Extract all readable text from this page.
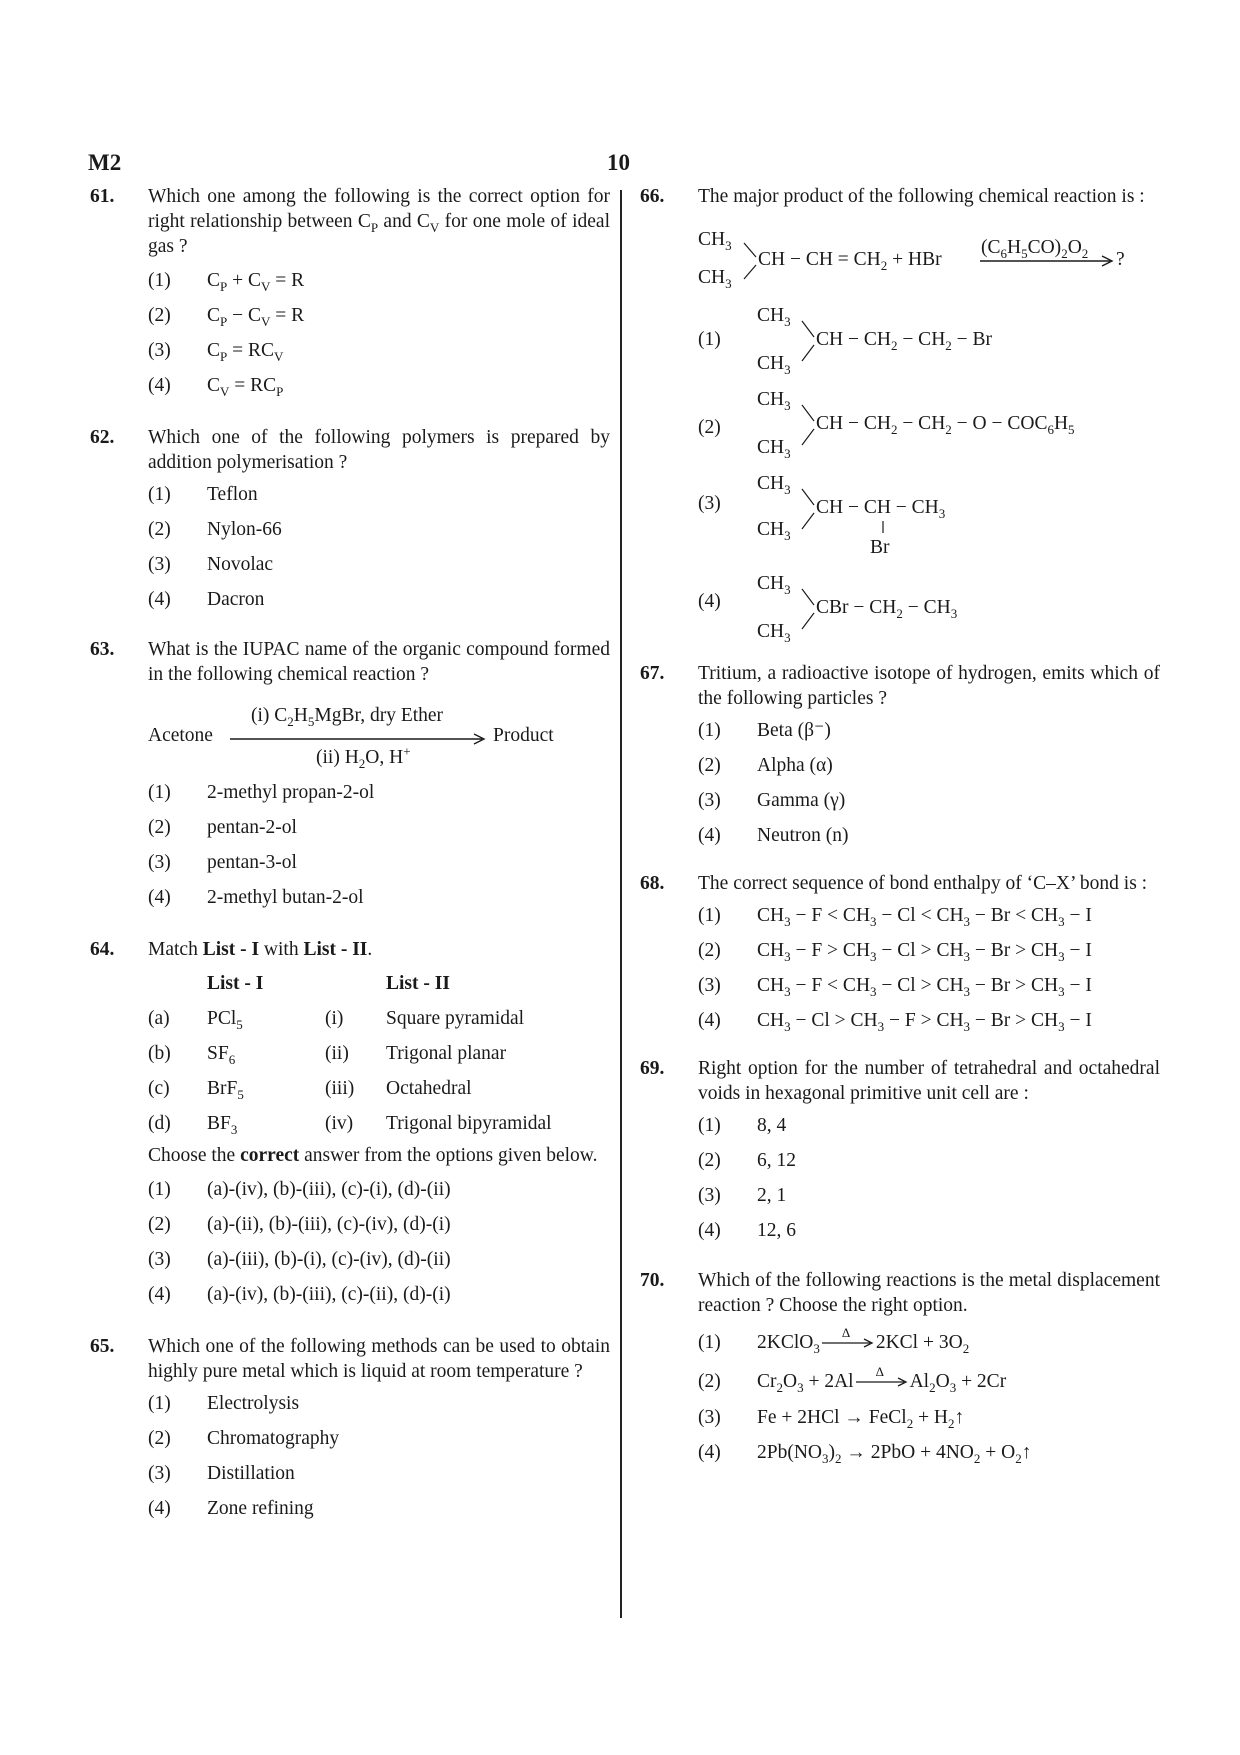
M2	10
61. Which one among the following is the correct option for right relationship between $C_P$ and $C_V$ for one mole of ideal gas ?
(1)	$C_P + C_V = R$
(2)	$C_P - C_V = R$
(3)	$C_P = RC_V$
(4)	$C_V = RC_P$
62. Which one of the following polymers is prepared by addition polymerisation ?
(1)	Teflon
(2)	Nylon-66
(3)	Novolac
(4)	Dacron
63. What is the IUPAC name of the organic compound formed in the following chemical reaction ?
Acetone
(i) $C_2H_5MgBr$, dry Ether
(ii) $H_2O$, H+
Product
(1)	2-methyl propan-2-ol
(2)	pentan-2-ol
(3)	pentan-3-ol
(4)	2-methyl butan-2-ol
64. Match List - I with List - II.
List - I	List - II
(a)	PCl$_5$	(i)	Square pyramidal
(b)	$SF_6$	(ii)	Trigonal planar
(c)	BrF$_5$	(iii)	Octahedral
(d)	$BF_3$	(iv)	Trigonal bipyramidal
Choose the correct answer from the options given below.
(1)	(a)-(iv), (b)-(iii), (c)-(i), (d)-(ii)
(2)	(a)-(ii), (b)-(iii), (c)-(iv), (d)-(i)
(3)	(a)-(iii), (b)-(i), (c)-(iv), (d)-(ii)
(4)	(a)-(iv), (b)-(iii), (c)-(ii), (d)-(i)
65. Which one of the following methods can be used to obtain highly pure metal which is liquid at room temperature ?
(1)	Electrolysis
(2)	Chromatography
(3)	Distillation
(4)	Zone refining
66. The major product of the following chemical reaction is :
$CH_3$
$CH_3$
CH − CH = $CH_2$ + HBr
$(C_6H_5CO)_2O_2$ ?
(1)
$CH_3$
$CH_3$
CH − $CH_2 - CH_2 - Br$
(2)
$CH_3$
$CH_3$
CH − $CH_2 - CH_2 - O - COC_6H_5$
(3)
$CH_3$
$CH_3$
CH − CH − $CH_3$
Br
(4)
$CH_3$
$CH_3$
CBr − $CH_2 - CH_3$
67. Tritium, a radioactive isotope of hydrogen, emits which of the following particles ?
(1)	Beta (β⁻)
(2)	Alpha (α)
(3)	Gamma (γ)
(4)	Neutron (n)
68. The correct sequence of bond enthalpy of ‘C–X’ bond is :
(1)	$CH_3 - F < CH_3 - Cl < CH_3 - Br < CH_3 - I$
(2)	$CH_3 - F > CH_3 - Cl > CH_3 - Br > CH_3 - I$
(3)	$CH_3 - F < CH_3 - Cl > CH_3 - Br > CH_3 - I$
(4)	$CH_3 - Cl > CH_3 - F > CH_3 - Br > CH_3 - I$
69. Right option for the number of tetrahedral and octahedral voids in hexagonal primitive unit cell are :
(1)	8, 4
(2)	6, 12
(3)	2, 1
(4)	12, 6
70. Which of the following reactions is the metal displacement reaction ? Choose the right option.
(1)	2KClO$_3$
Δ $2KCl + 3O_2$
(2)	$Cr_2O_3 + 2Al$ Δ $Al_2O_3 + 2Cr$
(3)	Fe + 2HCl → FeCl$_2$ + $H_2↑$
(4)	$2Pb(NO_3)_2 \to 2PbO + 4NO_2$ + $O_2↑$
